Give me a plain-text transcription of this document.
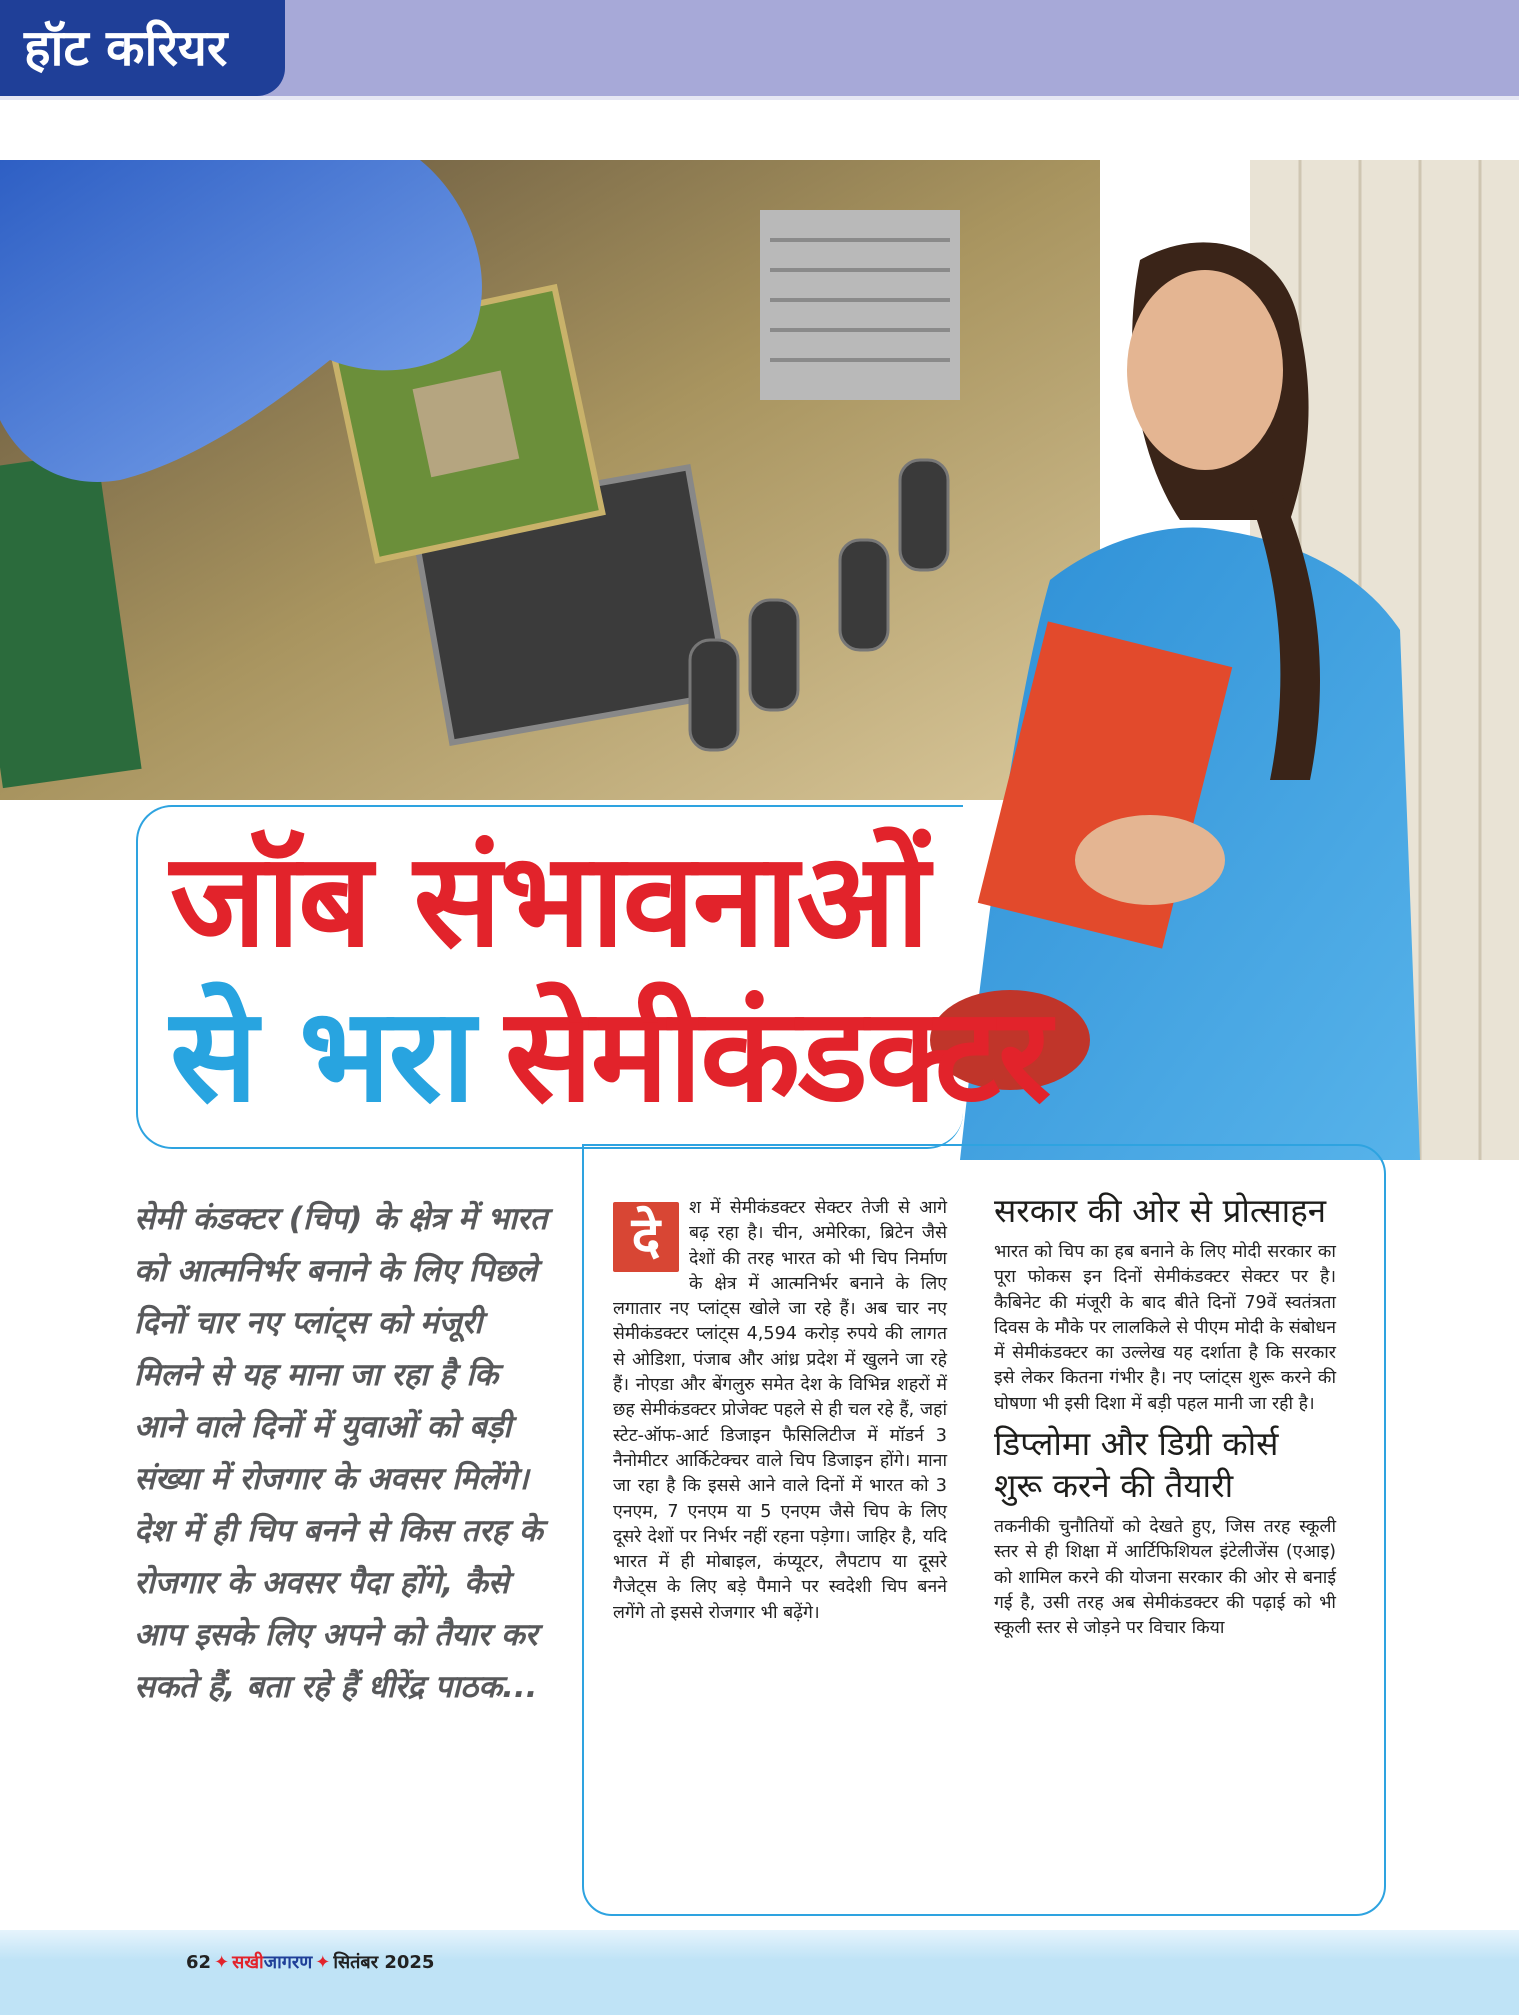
हॉट करियर
जॉब संभावनाओं
से भरा सेमीकंडक्टर
सेमी कंडक्टर (चिप) के क्षेत्र में भारत को आत्मनिर्भर बनाने के लिए पिछले दिनों चार नए प्लांट्स को मंजूरी मिलने से यह माना जा रहा है कि आने वाले दिनों में युवाओं को बड़ी संख्या में रोजगार के अवसर मिलेंगे। देश में ही चिप बनने से किस तरह के रोजगार के अवसर पैदा होंगे, कैसे आप इसके लिए अपने को तैयार कर सकते हैं, बता रहे हैं धीरेंद्र पाठक...
दे	श में सेमीकंडक्टर सेक्टर तेजी से आगे बढ़ रहा है। चीन, अमेरिका, ब्रिटेन जैसे देशों की तरह भारत को भी चिप निर्माण के क्षेत्र में आत्मनिर्भर बनाने के लिए लगातार नए प्लांट्स खोले जा रहे हैं। अब चार नए सेमीकंडक्टर प्लांट्स 4,594 करोड़ रुपये की लागत से ओडिशा, पंजाब और आंध्र प्रदेश में खुलने जा रहे हैं। नोएडा और बेंगलुरु समेत देश के विभिन्न शहरों में छह सेमीकंडक्टर प्रोजेक्ट पहले से ही चल रहे हैं, जहां स्टेट-ऑफ-आर्ट डिजाइन फैसिलिटीज में मॉडर्न 3 नैनोमीटर आर्किटेक्चर वाले चिप डिजाइन होंगे। माना जा रहा है कि इससे आने वाले दिनों में भारत को 3 एनएम, 7 एनएम या 5 एनएम जैसे चिप के लिए दूसरे देशों पर निर्भर नहीं रहना पड़ेगा। जाहिर है, यदि भारत में ही मोबाइल, कंप्यूटर, लैपटाप या दूसरे गैजेट्स के लिए बड़े पैमाने पर स्वदेशी चिप बनने लगेंगे तो इससे रोजगार भी बढ़ेंगे।
सरकार की ओर से प्रोत्साहन

भारत को चिप का हब बनाने के लिए मोदी सरकार का पूरा फोकस इन दिनों सेमीकंडक्टर सेक्टर पर है। कैबिनेट की मंजूरी के बाद बीते दिनों 79वें स्वतंत्रता दिवस के मौके पर लालकिले से पीएम मोदी के संबोधन में सेमीकंडक्टर का उल्लेख यह दर्शाता है कि सरकार इसे लेकर कितना गंभीर है। नए प्लांट्स शुरू करने की घोषणा भी इसी दिशा में बड़ी पहल मानी जा रही है।

डिप्लोमा और डिग्री कोर्स शुरू करने की तैयारी

तकनीकी चुनौतियों को देखते हुए, जिस तरह स्कूली स्तर से ही शिक्षा में आर्टिफिशियल इंटेलीजेंस (एआइ) को शामिल करने की योजना सरकार की ओर से बनाई गई है, उसी तरह अब सेमीकंडक्टर की पढ़ाई को भी स्कूली स्तर से जोड़ने पर विचार किया

62 ✦ सखीजागरण ✦ सितंबर 2025
